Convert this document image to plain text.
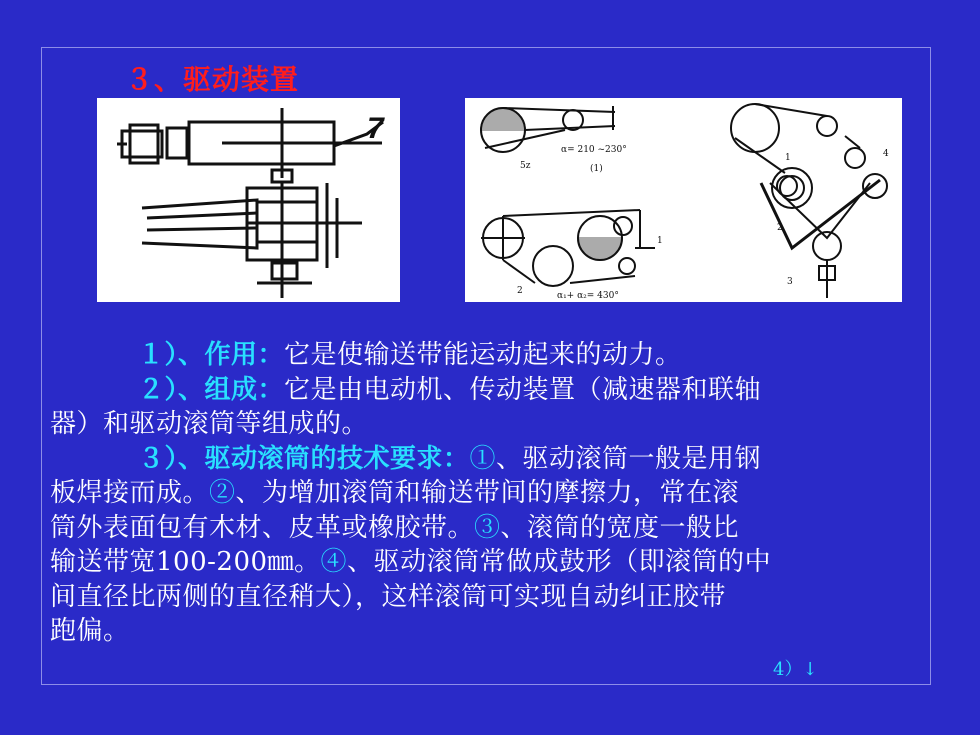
３、驱动装置
7
α= 210 ~230°
(1)
5z
α₁+ α₂= 430°
2
1
1	4
2
3
１）、作用：它是使输送带能运动起来的动力。
２）、组成：它是由电动机、传动装置（减速器和联轴
器）和驱动滚筒等组成的。
３）、驱动滚筒的技术要求：①、驱动滚筒一般是用钢
板焊接而成。②、为增加滚筒和输送带间的摩擦力，常在滚
筒外表面包有木材、皮革或橡胶带。③、滚筒的宽度一般比
输送带宽100-200㎜。④、驱动滚筒常做成鼓形（即滚筒的中
间直径比两侧的直径稍大），这样滚筒可实现自动纠正胶带
跑偏。
4）↓
